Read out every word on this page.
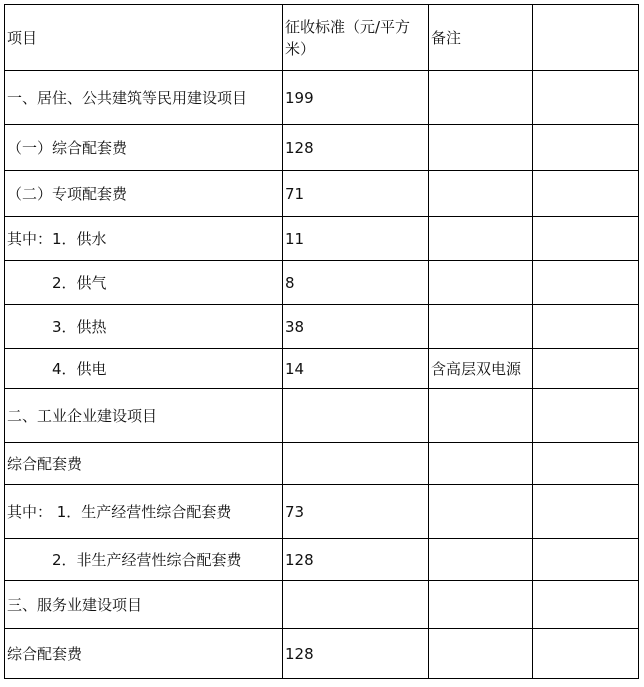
项目	征收标准（元/平方米）	备注	
一、居住、公共建筑等民用建设项目	199		
（一）综合配套费	128		
（二）专项配套费	71		
其中：1．供水	11		
　　　2．供气	8		
　　　3．供热	38		
　　　4．供电	14	含高层双电源	
二、工业企业建设项目			
综合配套费			
其中： 1．生产经营性综合配套费	73		
　　　2．非生产经营性综合配套费	128		
三、服务业建设项目			
综合配套费	128		
